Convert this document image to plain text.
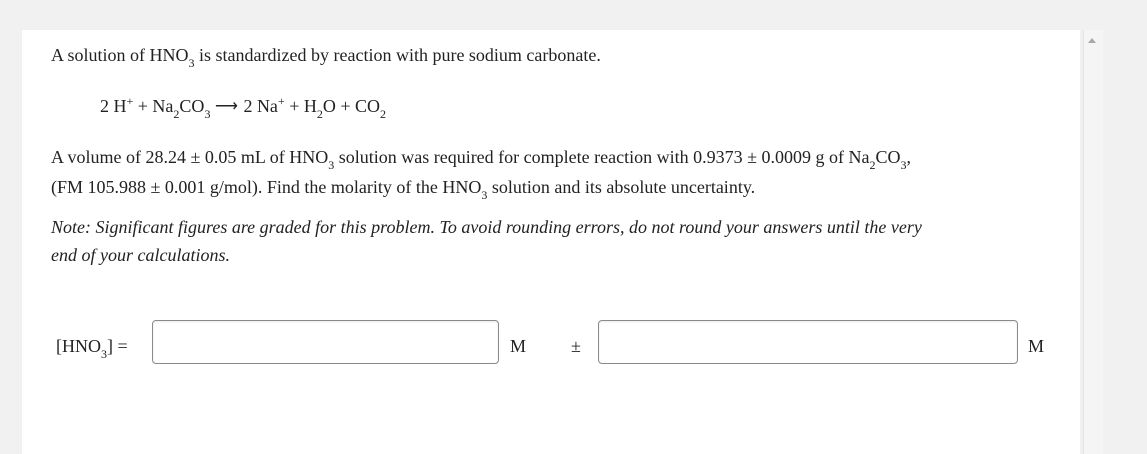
A solution of $HNO_3$ is standardized by reaction with pure sodium carbonate.
2 $H^+ + Na_2CO_3$ ⟶ 2 $Na^+ + H_2O + CO_2$
A volume of 28.24 ± 0.05 mL of $HNO_3$ solution was required for complete reaction with 0.9373 ± 0.0009 g of $Na_2CO_3$,
(FM 105.988 ± 0.001 g/mol). Find the molarity of the $HNO_3$ solution and its absolute uncertainty.
Note: Significant figures are graded for this problem. To avoid rounding errors, do not round your answers until the very
end of your calculations.
$[HNO_3]$ =	M ±	M
